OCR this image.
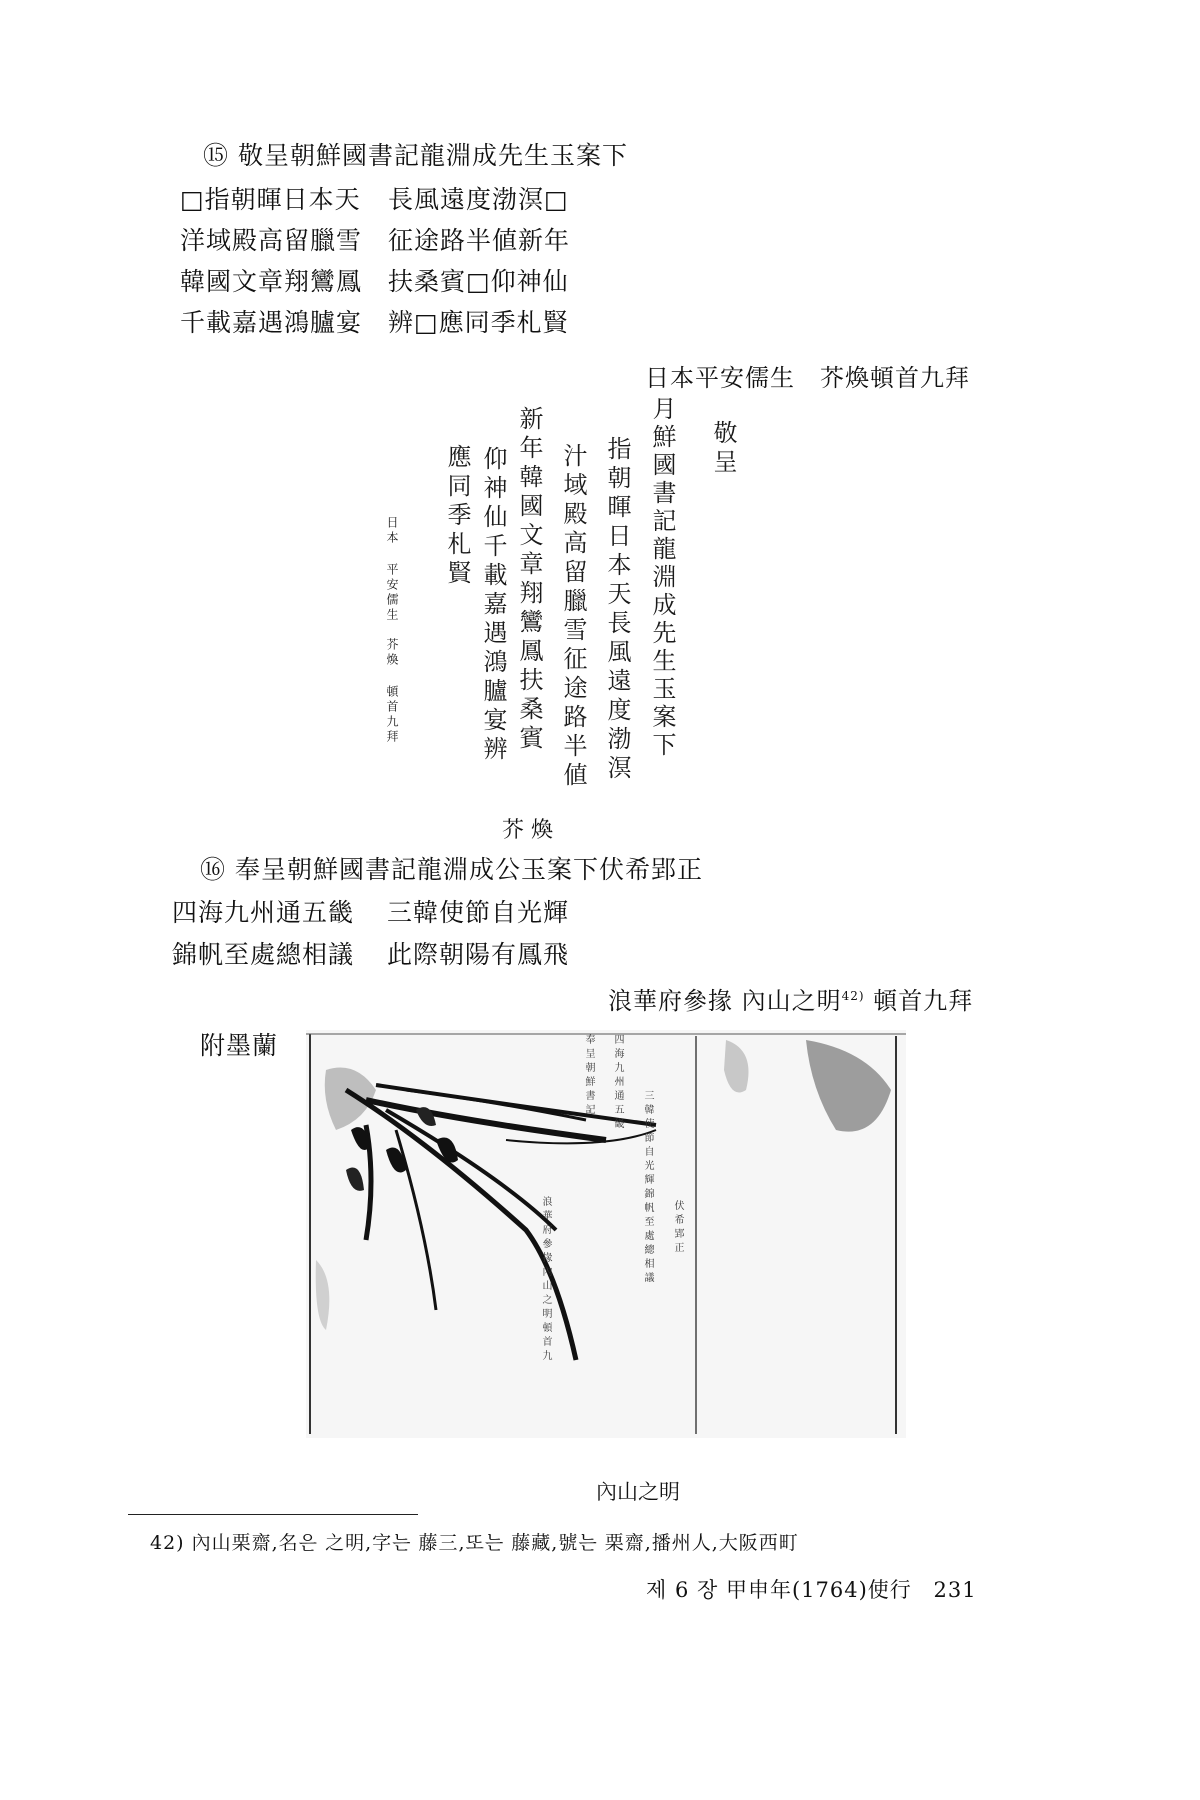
⑮ 敬呈朝鮮國書記龍淵成先生玉案下
□指朝暉日本天 長風遠度渤溟□
洋域殿高留臘雪 征途路半値新年
韓國文章翔鸞鳳 扶桑賓□仰神仙
千載嘉遇鴻臚宴 辨□應同季札賢
日本平安儒生　芥煥頓首九拜
敬呈
月鮮國書記龍淵成先生玉案下
指朝暉日本天長風遠度渤溟
汁域殿高留臘雪征途路半値
新年韓國文章翔鸞鳳扶桑賓
仰神仙千載嘉遇鴻臚宴辨
應同季札賢
日本 平安儒生　芥煥 頓首九拜
芥 煥
⑯ 奉呈朝鮮國書記龍淵成公玉案下伏希郢正
四海九州通五畿 三韓使節自光輝
錦帆至處總相議 此際朝陽有鳳飛
浪華府參掾 內山之明$^{42)}$ 頓首九拜
附墨蘭	奉呈朝鮮書記 四海九州通五畿
三韓使節自光輝錦帆至處總相議
浪華府參掾內山之明頓首九	伏希郢正
內山之明
42) 內山栗齋,名은 之明,字는 藤三,또는 藤藏,號는 栗齋,播州人,大阪西町
제 6 장 甲申年(1764)使行 231
